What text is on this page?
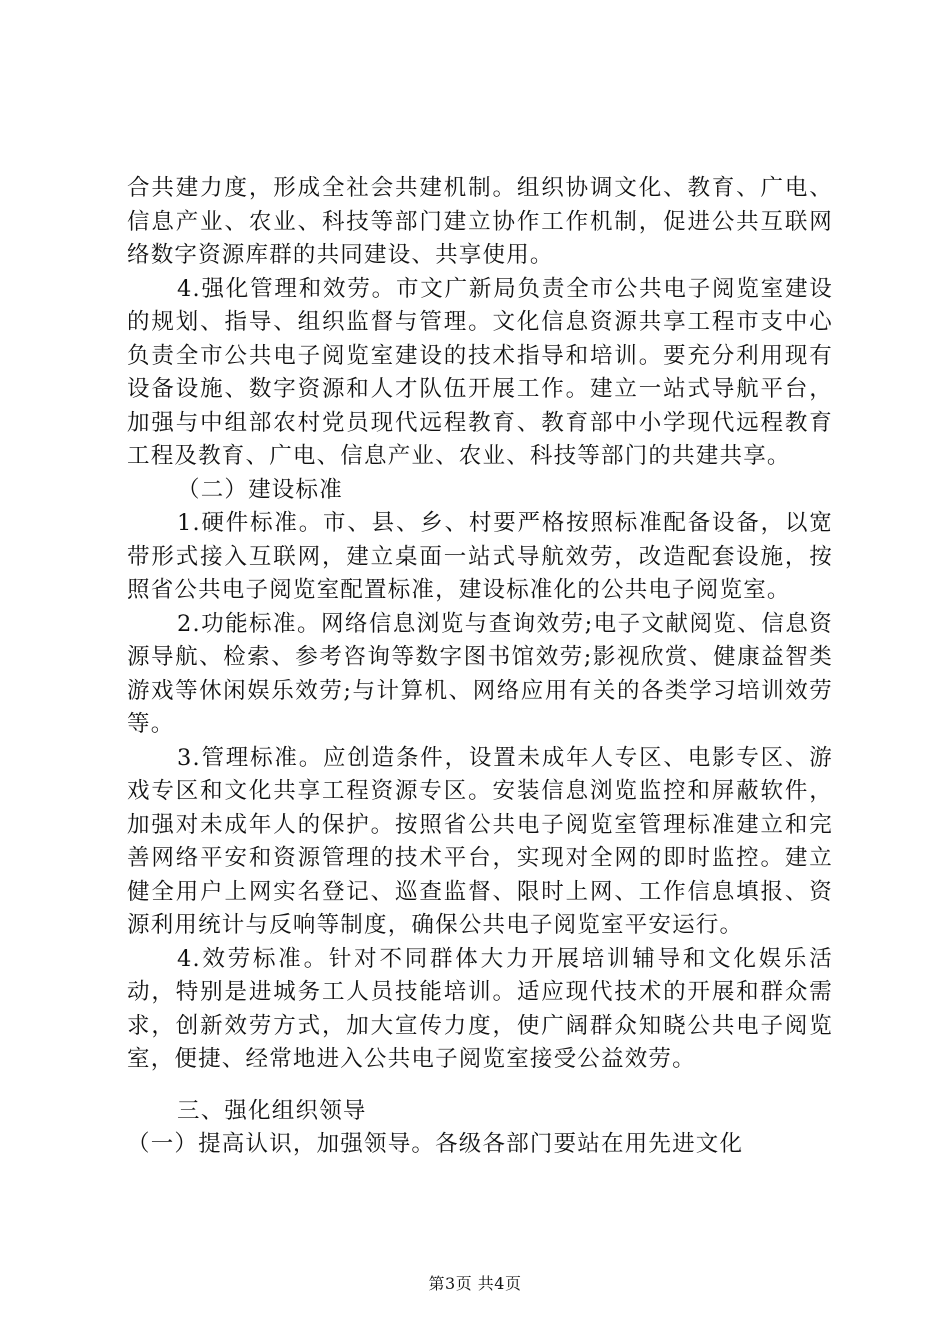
合共建力度，形成全社会共建机制。组织协调文化、教育、广电、信息产业、农业、科技等部门建立协作工作机制，促进公共互联网络数字资源库群的共同建设、共享使用。

4.强化管理和效劳。市文广新局负责全市公共电子阅览室建设的规划、指导、组织监督与管理。文化信息资源共享工程市支中心负责全市公共电子阅览室建设的技术指导和培训。要充分利用现有设备设施、数字资源和人才队伍开展工作。建立一站式导航平台，加强与中组部农村党员现代远程教育、教育部中小学现代远程教育工程及教育、广电、信息产业、农业、科技等部门的共建共享。

（二）建设标准

1.硬件标准。市、县、乡、村要严格按照标准配备设备，以宽带形式接入互联网，建立桌面一站式导航效劳，改造配套设施，按照省公共电子阅览室配置标准，建设标准化的公共电子阅览室。

2.功能标准。网络信息浏览与查询效劳;电子文献阅览、信息资源导航、检索、参考咨询等数字图书馆效劳;影视欣赏、健康益智类游戏等休闲娱乐效劳;与计算机、网络应用有关的各类学习培训效劳等。

3.管理标准。应创造条件，设置未成年人专区、电影专区、游戏专区和文化共享工程资源专区。安装信息浏览监控和屏蔽软件，加强对未成年人的保护。按照省公共电子阅览室管理标准建立和完善网络平安和资源管理的技术平台，实现对全网的即时监控。建立健全用户上网实名登记、巡查监督、限时上网、工作信息填报、资源利用统计与反响等制度，确保公共电子阅览室平安运行。

4.效劳标准。针对不同群体大力开展培训辅导和文化娱乐活动，特别是进城务工人员技能培训。适应现代技术的开展和群众需求，创新效劳方式，加大宣传力度，使广阔群众知晓公共电子阅览室，便捷、经常地进入公共电子阅览室接受公益效劳。

三、强化组织领导

（一）提高认识，加强领导。各级各部门要站在用先进文化

第3页 共4页
